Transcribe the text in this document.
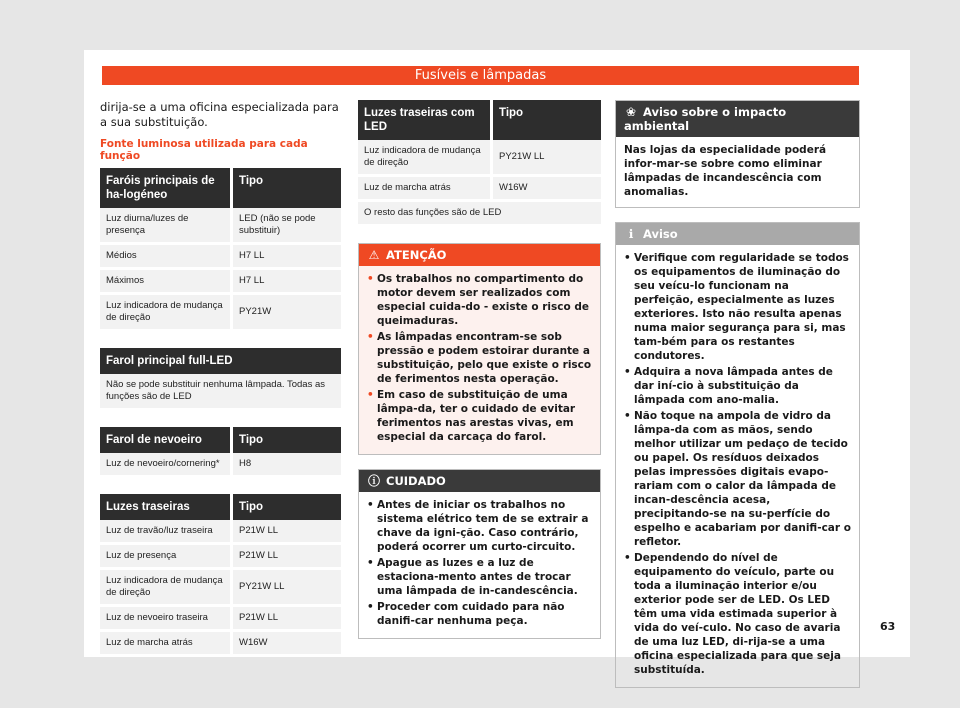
Fusíveis e lâmpadas

dirija-se a uma oficina especializada para a sua substituição.

Fonte luminosa utilizada para cada função
Faróis principais de ha-logéneo	Tipo
Luz diurna/luzes de presença	LED (não se pode substituir)
Médios	H7 LL
Máximos	H7 LL
Luz indicadora de mudança de direção	PY21W
Farol principal full-LED
Não se pode substituir nenhuma lâmpada. Todas as funções são de LED
Farol de nevoeiro	Tipo
Luz de nevoeiro/cornering*	H8
Luzes traseiras	Tipo
Luz de travão/luz traseira	P21W LL
Luz de presença	P21W LL
Luz indicadora de mudança de direção	PY21W LL
Luz de nevoeiro traseira	P21W LL
Luz de marcha atrás	W16W
Luzes traseiras com LED	Tipo
Luz indicadora de mudança de direção	PY21W LL
Luz de marcha atrás	W16W
O resto das funções são de LED	
⚠ ATENÇÃO
• Os trabalhos no compartimento do motor devem ser realizados com especial cuida-do - existe o risco de queimaduras.
• As lâmpadas encontram-se sob pressão e podem estoirar durante a substituição, pelo que existe o risco de ferimentos nesta operação.
• Em caso de substituição de uma lâmpa-da, ter o cuidado de evitar ferimentos nas arestas vivas, em especial da carcaça do farol.
ⓘ CUIDADO
• Antes de iniciar os trabalhos no sistema elétrico tem de se extrair a chave da igni-ção. Caso contrário, poderá ocorrer um curto-circuito.
• Apague as luzes e a luz de estaciona-mento antes de trocar uma lâmpada de in-candescência.
• Proceder com cuidado para não danifi-car nenhuma peça.
❀ Aviso sobre o impacto ambiental
Nas lojas da especialidade poderá infor-mar-se sobre como eliminar lâmpadas de incandescência com anomalias.
ℹ Aviso
• Verifique com regularidade se todos os equipamentos de iluminação do seu veícu-lo funcionam na perfeição, especialmente as luzes exteriores. Isto não resulta apenas numa maior segurança para si, mas tam-bém para os restantes condutores.
• Adquira a nova lâmpada antes de dar iní-cio à substituição da lâmpada com ano-malia.
• Não toque na ampola de vidro da lâmpa-da com as mãos, sendo melhor utilizar um pedaço de tecido ou papel. Os resíduos deixados pelas impressões digitais evapo-rariam com o calor da lâmpada de incan-descência acesa, precipitando-se na su-perfície do espelho e acabariam por danifi-car o refletor.
• Dependendo do nível de equipamento do veículo, parte ou toda a iluminação interior e/ou exterior pode ser de LED. Os LED têm uma vida estimada superior à vida do veí-culo. No caso de avaria de uma luz LED, di-rija-se a uma oficina especializada para que seja substituída.
63
